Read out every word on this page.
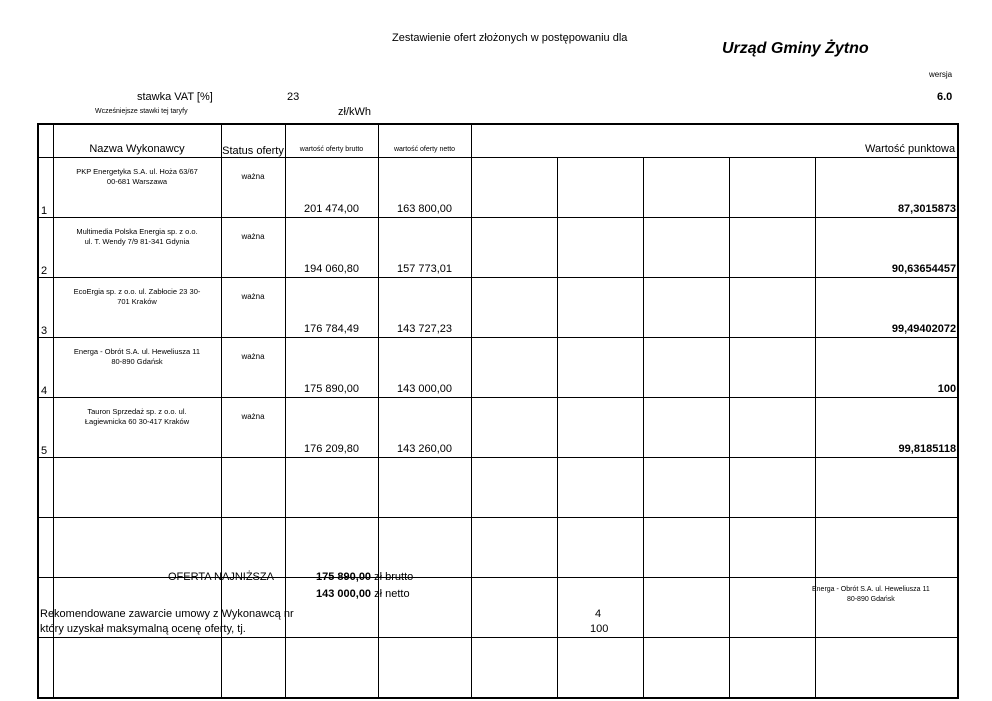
Zestawienie ofert złożonych w postępowaniu dla
Urząd Gminy Żytno
wersja
6.0
stawka VAT [%]	23
Wcześniejsze stawki tej taryfy	zł/kWh
	Nazwa Wykonawcy	Status oferty	wartość oferty brutto	wartość oferty netto	Wartość punktowa				
1	PKP Energetyka S.A. ul. Hoża 63/67
00-681 Warszawa	ważna	201 474,00	163 800,00					87,3015873
2	Multimedia Polska Energia sp. z o.o.
ul. T. Wendy 7/9 81-341 Gdynia	ważna	194 060,80	157 773,01					90,63654457
3	EcoErgia sp. z o.o. ul. Zabłocie 23 30-
701 Kraków	ważna	176 784,49	143 727,23					99,49402072
4	Energa - Obrót S.A. ul. Heweliusza 11
80-890 Gdańsk	ważna	175 890,00	143 000,00					100
5	Tauron Sprzedaż sp. z o.o. ul.
Łagiewnicka 60 30-417 Kraków	ważna	176 209,80	143 260,00					99,8185118

OFERTA NAJNIŻSZA	175 890,00 zł brutto
143 000,00 zł netto	Energa - Obrót S.A. ul. Heweliusza 11
80-890 Gdańsk
Rekomendowane zawarcie umowy z Wykonawcą nr
który uzyskał maksymalną ocenę oferty, tj.
4
100
